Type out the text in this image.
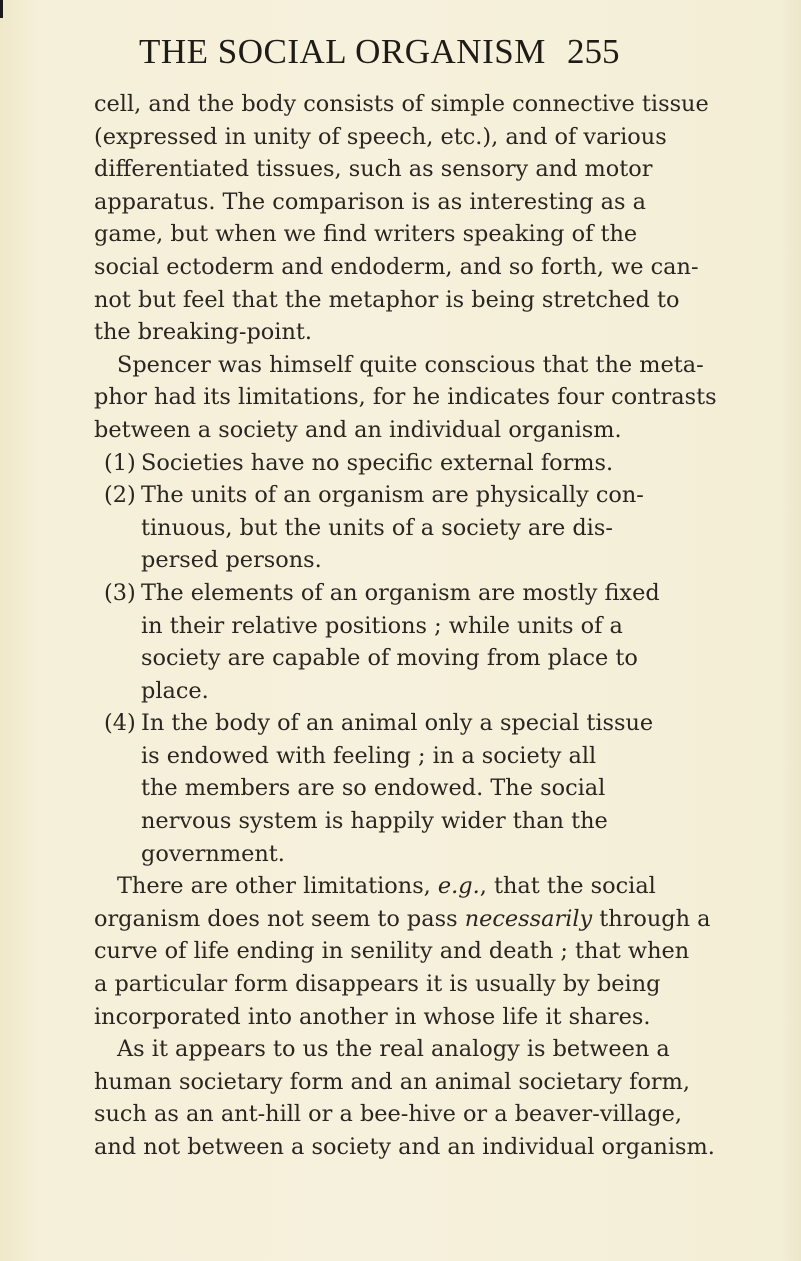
THE SOCIAL ORGANISM 255
cell, and the body consists of simple connective tissue
(expressed in unity of speech, etc.), and of various
differentiated tissues, such as sensory and motor
apparatus. The comparison is as interesting as a
game, but when we find writers speaking of the
social ectoderm and endoderm, and so forth, we can-
not but feel that the metaphor is being stretched to
the breaking-point.
Spencer was himself quite conscious that the meta-
phor had its limitations, for he indicates four contrasts
between a society and an individual organism.
(1) Societies have no specific external forms.
(2) The units of an organism are physically con-
tinuous, but the units of a society are dis-
persed persons.
(3) The elements of an organism are mostly fixed
in their relative positions ; while units of a
society are capable of moving from place to
place.
(4) In the body of an animal only a special tissue
is endowed with feeling ; in a society all
the members are so endowed. The social
nervous system is happily wider than the
government.
There are other limitations, e.g., that the social
organism does not seem to pass necessarily through a
curve of life ending in senility and death ; that when
a particular form disappears it is usually by being
incorporated into another in whose life it shares.
As it appears to us the real analogy is between a
human societary form and an animal societary form,
such as an ant-hill or a bee-hive or a beaver-village,
and not between a society and an individual organism.
